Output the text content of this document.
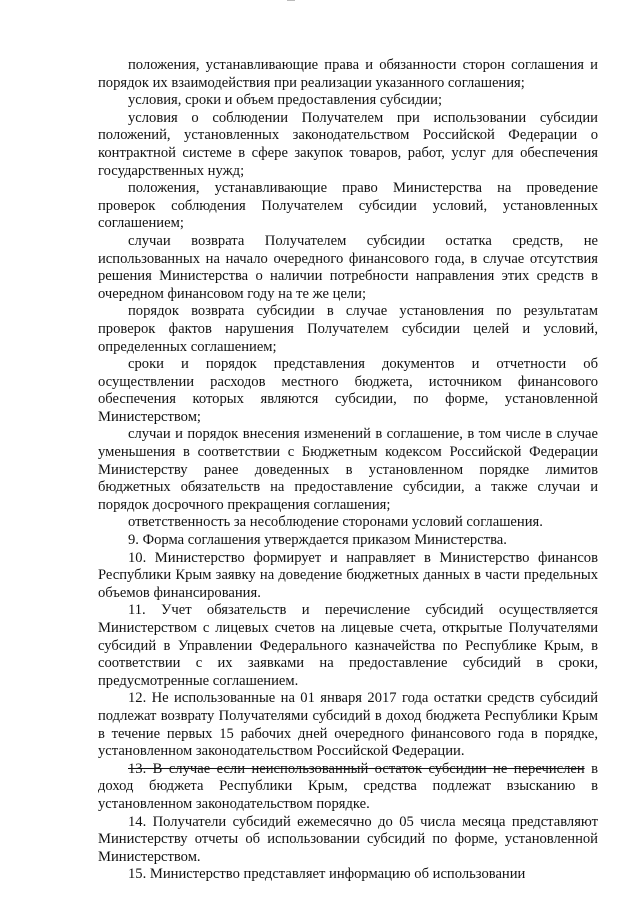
положения, устанавливающие права и обязанности сторон соглашения и порядок их взаимодействия при реализации указанного соглашения;

условия, сроки и объем предоставления субсидии;

условия о соблюдении Получателем при использовании субсидии положений, установленных законодательством Российской Федерации о контрактной системе в сфере закупок товаров, работ, услуг для обеспечения государственных нужд;

положения, устанавливающие право Министерства на проведение проверок соблюдения Получателем субсидии условий, установленных соглашением;

случаи возврата Получателем субсидии остатка средств, не использованных на начало очередного финансового года, в случае отсутствия решения Министерства о наличии потребности направления этих средств в очередном финансовом году на те же цели;

порядок возврата субсидии в случае установления по результатам проверок фактов нарушения Получателем субсидии целей и условий, определенных соглашением;

сроки и порядок представления документов и отчетности об осуществлении расходов местного бюджета, источником финансового обеспечения которых являются субсидии, по форме, установленной Министерством;

случаи и порядок внесения изменений в соглашение, в том числе в случае уменьшения в соответствии с Бюджетным кодексом Российской Федерации Министерству ранее доведенных в установленном порядке лимитов бюджетных обязательств на предоставление субсидии, а также случаи и порядок досрочного прекращения соглашения;

ответственность за несоблюдение сторонами условий соглашения.

9. Форма соглашения утверждается приказом Министерства.

10. Министерство формирует и направляет в Министерство финансов Республики Крым заявку на доведение бюджетных данных в части предельных объемов финансирования.

11. Учет обязательств и перечисление субсидий осуществляется Министерством с лицевых счетов на лицевые счета, открытые Получателями субсидий в Управлении Федерального казначейства по Республике Крым, в соответствии с их заявками на предоставление субсидий в сроки, предусмотренные соглашением.

12. Не использованные на 01 января 2017 года остатки средств субсидий подлежат возврату Получателями субсидий в доход бюджета Республики Крым в течение первых 15 рабочих дней очередного финансового года в порядке, установленном законодательством Российской Федерации.

13. В случае если неиспользованный остаток субсидии не перечислен в доход бюджета Республики Крым, средства подлежат взысканию в установленном законодательством порядке.

14. Получатели субсидий ежемесячно до 05 числа месяца представляют Министерству отчеты об использовании субсидий по форме, установленной Министерством.

15. Министерство представляет информацию об использовании
